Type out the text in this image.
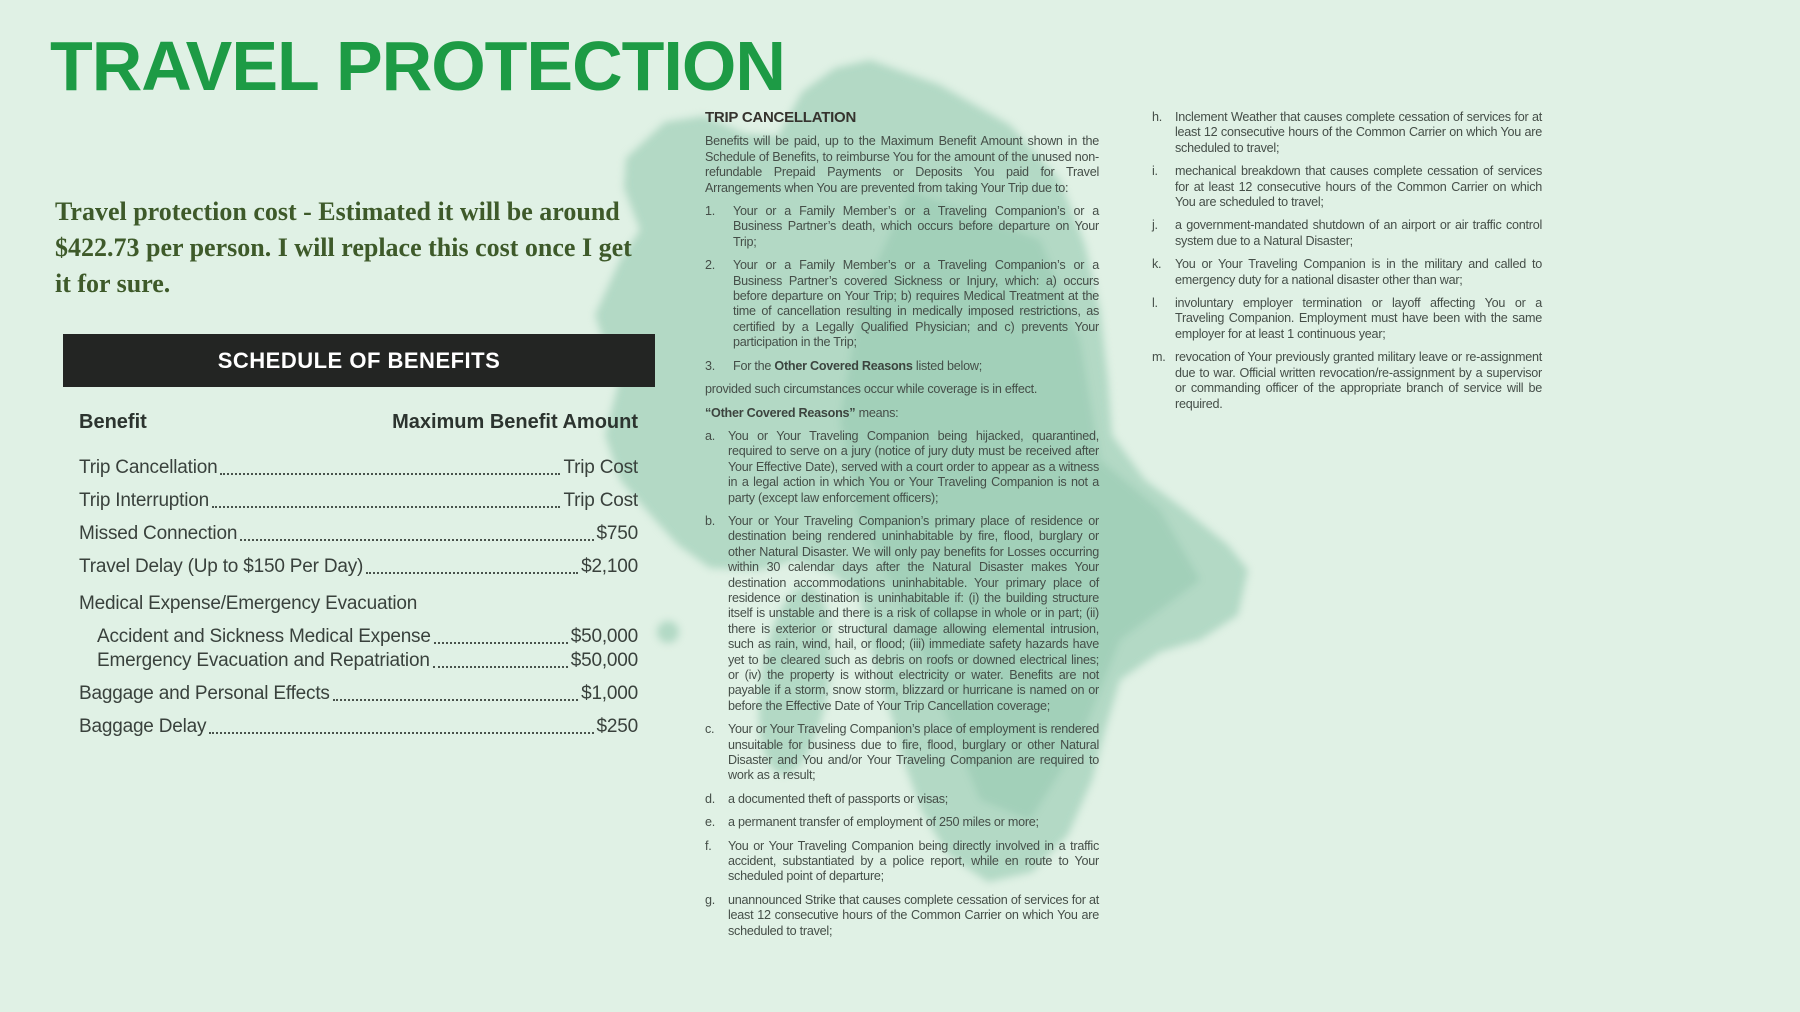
TRAVEL PROTECTION

Travel protection cost - Estimated it will be around $422.73 per person. I will replace this cost once I get it for sure.

SCHEDULE OF BENEFITS
Benefit	Maximum Benefit Amount
Trip Cancellation	Trip Cost
Trip Interruption	Trip Cost
Missed Connection	$750
Travel Delay (Up to $150 Per Day)	$2,100
Medical Expense/Emergency Evacuation
Accident and Sickness Medical Expense	$50,000
Emergency Evacuation and Repatriation	$50,000
Baggage and Personal Effects	$1,000
Baggage Delay	$250
TRIP CANCELLATION

Benefits will be paid, up to the Maximum Benefit Amount shown in the Schedule of Benefits, to reimburse You for the amount of the unused non-refundable Prepaid Payments or Deposits You paid for Travel Arrangements when You are prevented from taking Your Trip due to:

1.	Your or a Family Member’s or a Traveling Companion’s or a Business Partner’s death, which occurs before departure on Your Trip;
2.	Your or a Family Member’s or a Traveling Companion’s or a Business Partner’s covered Sickness or Injury, which: a) occurs before departure on Your Trip; b) requires Medical Treatment at the time of cancellation resulting in medically imposed restrictions, as certified by a Legally Qualified Physician; and c) prevents Your participation in the Trip;
3.	For the Other Covered Reasons listed below;

provided such circumstances occur while coverage is in effect.

“Other Covered Reasons” means:

a.	You or Your Traveling Companion being hijacked, quarantined, required to serve on a jury (notice of jury duty must be received after Your Effective Date), served with a court order to appear as a witness in a legal action in which You or Your Traveling Companion is not a party (except law enforcement officers);
b.	Your or Your Traveling Companion’s primary place of residence or destination being rendered uninhabitable by fire, flood, burglary or other Natural Disaster. We will only pay benefits for Losses occurring within 30 calendar days after the Natural Disaster makes Your destination accommodations uninhabitable. Your primary place of residence or destination is uninhabitable if: (i) the building structure itself is unstable and there is a risk of collapse in whole or in part; (ii) there is exterior or structural damage allowing elemental intrusion, such as rain, wind, hail, or flood; (iii) immediate safety hazards have yet to be cleared such as debris on roofs or downed electrical lines; or (iv) the property is without electricity or water. Benefits are not payable if a storm, snow storm, blizzard or hurricane is named on or before the Effective Date of Your Trip Cancellation coverage;
c.	Your or Your Traveling Companion’s place of employment is rendered unsuitable for business due to fire, flood, burglary or other Natural Disaster and You and/or Your Traveling Companion are required to work as a result;
d.	a documented theft of passports or visas;
e.	a permanent transfer of employment of 250 miles or more;
f.	You or Your Traveling Companion being directly involved in a traffic accident, substantiated by a police report, while en route to Your scheduled point of departure;
g.	unannounced Strike that causes complete cessation of services for at least 12 consecutive hours of the Common Carrier on which You are scheduled to travel;
h.	Inclement Weather that causes complete cessation of services for at least 12 consecutive hours of the Common Carrier on which You are scheduled to travel;
i.	mechanical breakdown that causes complete cessation of services for at least 12 consecutive hours of the Common Carrier on which You are scheduled to travel;
j.	a government-mandated shutdown of an airport or air traffic control system due to a Natural Disaster;
k.	You or Your Traveling Companion is in the military and called to emergency duty for a national disaster other than war;
l.	involuntary employer termination or layoff affecting You or a Traveling Companion. Employment must have been with the same employer for at least 1 continuous year;
m. revocation of Your previously granted military leave or re-assignment due to war. Official written revocation/re-assignment by a supervisor or commanding officer of the appropriate branch of service will be required.
